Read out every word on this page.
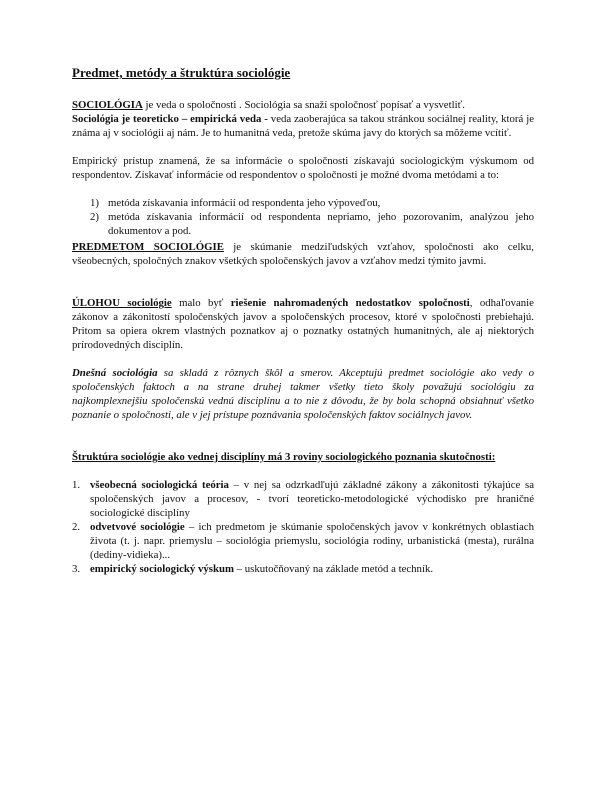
Predmet, metódy a štruktúra sociológie
SOCIOLÓGIA je veda o spoločnosti . Sociológia sa snaží spoločnosť popísať a vysvetliť.
Sociológia je teoreticko – empirická veda - veda zaoberajúca sa takou stránkou sociálnej reality, ktorá je známa aj v sociológii aj nám. Je to humanitná veda, pretože skúma javy do ktorých sa môžeme vcítiť.
Empirický prístup znamená, že sa informácie o spoločnosti získavajú sociologickým výskumom od respondentov. Získavať informácie od respondentov o spoločnosti je možné dvoma metódami a to:
1) metóda získavania informácií od respondenta jeho výpoveďou,
2) metóda získavania informácií od respondenta nepriamo, jeho pozorovaním, analýzou jeho dokumentov a pod.
PREDMETOM SOCIOLÓGIE je skúmanie medziľudských vzťahov, spoločnosti ako celku, všeobecných, spoločných znakov všetkých spoločenských javov a vzťahov medzi týmito javmi.
ÚLOHOU sociológie malo byť riešenie nahromadených nedostatkov spoločnosti, odhaľovanie zákonov a zákonitostí spoločenských javov a spoločenských procesov, ktoré v spoločnosti prebiehajú. Pritom sa opiera okrem vlastných poznatkov aj o poznatky ostatných humanitných, ale aj niektorých prírodovedných disciplín.
Dnešná sociológia sa skladá z rôznych škôl a smerov. Akceptujú predmet sociológie ako vedy o spoločenských faktoch a na strane druhej takmer všetky tieto školy považujú sociológiu za najkomplexnejšiu spoločenskú vednú disciplínu a to nie z dôvodu, že by bola schopná obsiahnuť všetko poznanie o spoločnosti, ale v jej prístupe poznávania spoločenských faktov sociálnych javov.
Štruktúra sociológie ako vednej disciplíny má 3 roviny sociologického poznania skutočnosti:
1. všeobecná sociologická teória – v nej sa odzrkadľujú základné zákony a zákonitosti týkajúce sa spoločenských javov a procesov, - tvorí teoreticko-metodologické východisko pre hraničné sociologické disciplíny
2. odvetvové sociológie – ich predmetom je skúmanie spoločenských javov v konkrétnych oblastiach života (t. j. napr. priemyslu – sociológia priemyslu, sociológia rodiny, urbanistická (mesta), rurálna (dediny-vidieka)...
3. empirický sociologický výskum – uskutočňovaný na základe metód a techník.
